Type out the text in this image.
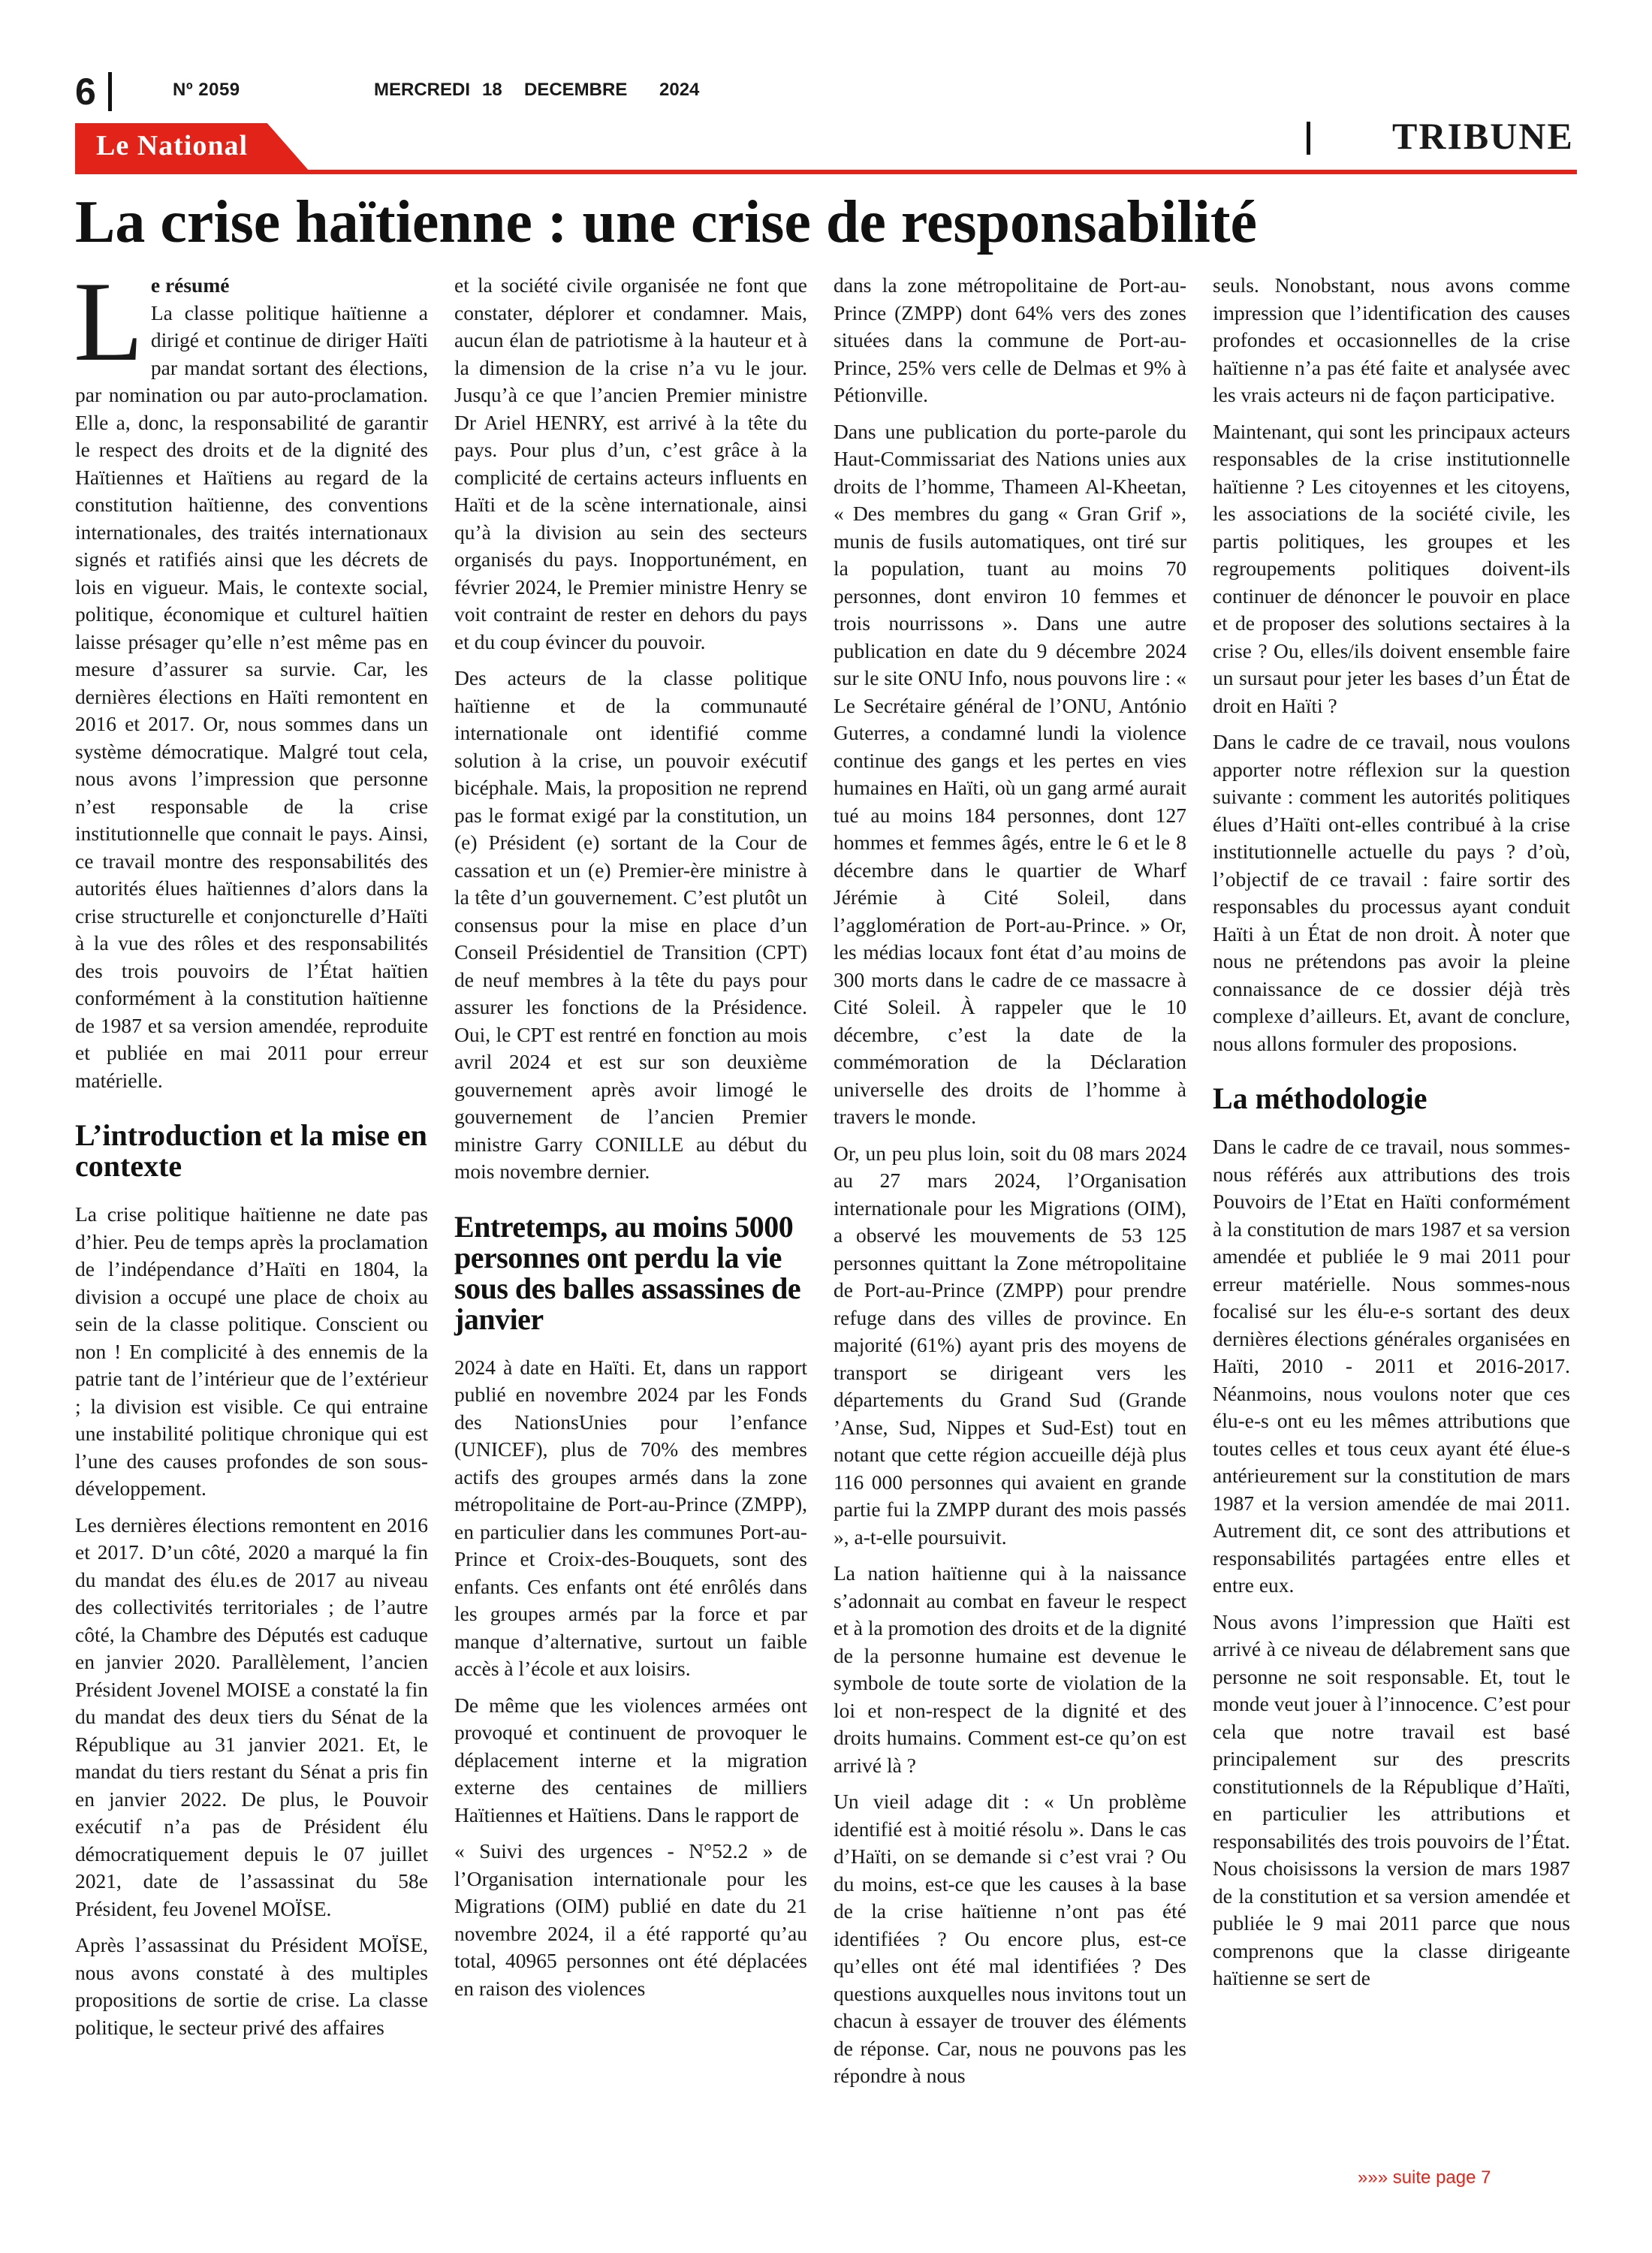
6	Nº 2059	MERCREDI 18 DECEMBRE 2024
Le National	TRIBUNE
La crise haïtienne : une crise de responsabilité
L e résumé

La classe politique haïtienne a dirigé et continue de diriger Haïti par mandat sortant des élections, par nomination ou par auto-proclamation. Elle a, donc, la responsabilité de garantir le respect des droits et de la dignité des Haïtiennes et Haïtiens au regard de la constitution haïtienne, des conventions internationales, des traités internationaux signés et ratifiés ainsi que les décrets de lois en vigueur. Mais, le contexte social, politique, économique et culturel haïtien laisse présager qu’elle n’est même pas en mesure d’assurer sa survie. Car, les dernières élections en Haïti remontent en 2016 et 2017. Or, nous sommes dans un système démocratique. Malgré tout cela, nous avons l’impression que personne n’est responsable de la crise institutionnelle que connait le pays. Ainsi, ce travail montre des responsabilités des autorités élues haïtiennes d’alors dans la crise structurelle et conjoncturelle d’Haïti à la vue des rôles et des responsabilités des trois pouvoirs de l’État haïtien conformément à la constitution haïtienne de 1987 et sa version amendée, reproduite et publiée en mai 2011 pour erreur matérielle.

L’introduction et la mise en contexte

La crise politique haïtienne ne date pas d’hier. Peu de temps après la proclamation de l’indépendance d’Haïti en 1804, la division a occupé une place de choix au sein de la classe politique. Conscient ou non ! En complicité à des ennemis de la patrie tant de l’intérieur que de l’extérieur ; la division est visible. Ce qui entraine une instabilité politique chronique qui est l’une des causes profondes de son sous-développement.

Les dernières élections remontent en 2016 et 2017. D’un côté, 2020 a marqué la fin du mandat des élu.es de 2017 au niveau des collectivités territoriales ; de l’autre côté, la Chambre des Députés est caduque en janvier 2020. Parallèlement, l’ancien Président Jovenel MOISE a constaté la fin du mandat des deux tiers du Sénat de la République au 31 janvier 2021. Et, le mandat du tiers restant du Sénat a pris fin en janvier 2022. De plus, le Pouvoir exécutif n’a pas de Président élu démocratiquement depuis le 07 juillet 2021, date de l’assassinat du 58e Président, feu Jovenel MOÏSE.

Après l’assassinat du Président MOÏSE, nous avons constaté à des multiples propositions de sortie de crise. La classe politique, le secteur privé des affaires

et la société civile organisée ne font que constater, déplorer et condamner. Mais, aucun élan de patriotisme à la hauteur et à la dimension de la crise n’a vu le jour. Jusqu’à ce que l’ancien Premier ministre Dr Ariel HENRY, est arrivé à la tête du pays. Pour plus d’un, c’est grâce à la complicité de certains acteurs influents en Haïti et de la scène internationale, ainsi qu’à la division au sein des secteurs organisés du pays. Inopportunément, en février 2024, le Premier ministre Henry se voit contraint de rester en dehors du pays et du coup évincer du pouvoir.

Des acteurs de la classe politique haïtienne et de la communauté internationale ont identifié comme solution à la crise, un pouvoir exécutif bicéphale. Mais, la proposition ne reprend pas le format exigé par la constitution, un (e) Président (e) sortant de la Cour de cassation et un (e) Premier-ère ministre à la tête d’un gouvernement. C’est plutôt un consensus pour la mise en place d’un Conseil Présidentiel de Transition (CPT) de neuf membres à la tête du pays pour assurer les fonctions de la Présidence. Oui, le CPT est rentré en fonction au mois avril 2024 et est sur son deuxième gouvernement après avoir limogé le gouvernement de l’ancien Premier ministre Garry CONILLE au début du mois novembre dernier.

Entretemps, au moins 5000 personnes ont perdu la vie sous des balles assassines de janvier

2024 à date en Haïti. Et, dans un rapport publié en novembre 2024 par les Fonds des NationsUnies pour l’enfance (UNICEF), plus de 70% des membres actifs des groupes armés dans la zone métropolitaine de Port-au-Prince (ZMPP), en particulier dans les communes Port-au-Prince et Croix-des-Bouquets, sont des enfants. Ces enfants ont été enrôlés dans les groupes armés par la force et par manque d’alternative, surtout un faible accès à l’école et aux loisirs.

De même que les violences armées ont provoqué et continuent de provoquer le déplacement interne et la migration externe des centaines de milliers Haïtiennes et Haïtiens. Dans le rapport de

« Suivi des urgences - N°52.2 » de l’Organisation internationale pour les Migrations (OIM) publié en date du 21 novembre 2024, il a été rapporté qu’au total, 40965 personnes ont été déplacées en raison des violences

dans la zone métropolitaine de Port-au-Prince (ZMPP) dont 64% vers des zones situées dans la commune de Port-au-Prince, 25% vers celle de Delmas et 9% à Pétionville.

Dans une publication du porte-parole du Haut-Commissariat des Nations unies aux droits de l’homme, Thameen Al-Kheetan, « Des membres du gang « Gran Grif », munis de fusils automatiques, ont tiré sur la population, tuant au moins 70 personnes, dont environ 10 femmes et trois nourrissons ». Dans une autre publication en date du 9 décembre 2024 sur le site ONU Info, nous pouvons lire : « Le Secrétaire général de l’ONU, António Guterres, a condamné lundi la violence continue des gangs et les pertes en vies humaines en Haïti, où un gang armé aurait tué au moins 184 personnes, dont 127 hommes et femmes âgés, entre le 6 et le 8 décembre dans le quartier de Wharf Jérémie à Cité Soleil, dans l’agglomération de Port-au-Prince. » Or, les médias locaux font état d’au moins de 300 morts dans le cadre de ce massacre à Cité Soleil. À rappeler que le 10 décembre, c’est la date de la commémoration de la Déclaration universelle des droits de l’homme à travers le monde.

Or, un peu plus loin, soit du 08 mars 2024 au 27 mars 2024, l’Organisation internationale pour les Migrations (OIM), a observé les mouvements de 53 125 personnes quittant la Zone métropolitaine de Port-au-Prince (ZMPP) pour prendre refuge dans des villes de province. En majorité (61%) ayant pris des moyens de transport se dirigeant vers les départements du Grand Sud (Grande ’Anse, Sud, Nippes et Sud-Est) tout en notant que cette région accueille déjà plus 116 000 personnes qui avaient en grande partie fui la ZMPP durant des mois passés », a-t-elle poursuivit.

La nation haïtienne qui à la naissance s’adonnait au combat en faveur le respect et à la promotion des droits et de la dignité de la personne humaine est devenue le symbole de toute sorte de violation de la loi et non-respect de la dignité et des droits humains. Comment est-ce qu’on est arrivé là ?

Un vieil adage dit : « Un problème identifié est à moitié résolu ». Dans le cas d’Haïti, on se demande si c’est vrai ? Ou du moins, est-ce que les causes à la base de la crise haïtienne n’ont pas été identifiées ? Ou encore plus, est-ce qu’elles ont été mal identifiées ? Des questions auxquelles nous invitons tout un chacun à essayer de trouver des éléments de réponse. Car, nous ne pouvons pas les répondre à nous

seuls. Nonobstant, nous avons comme impression que l’identification des causes profondes et occasionnelles de la crise haïtienne n’a pas été faite et analysée avec les vrais acteurs ni de façon participative.

Maintenant, qui sont les principaux acteurs responsables de la crise institutionnelle haïtienne ? Les citoyennes et les citoyens, les associations de la société civile, les partis politiques, les groupes et les regroupements politiques doivent-ils continuer de dénoncer le pouvoir en place et de proposer des solutions sectaires à la crise ? Ou, elles/ils doivent ensemble faire un sursaut pour jeter les bases d’un État de droit en Haïti ?

Dans le cadre de ce travail, nous voulons apporter notre réflexion sur la question suivante : comment les autorités politiques élues d’Haïti ont-elles contribué à la crise institutionnelle actuelle du pays ? d’où, l’objectif de ce travail : faire sortir des responsables du processus ayant conduit Haïti à un État de non droit. À noter que nous ne prétendons pas avoir la pleine connaissance de ce dossier déjà très complexe d’ailleurs. Et, avant de conclure, nous allons formuler des proposions.

La méthodologie

Dans le cadre de ce travail, nous sommes-nous référés aux attributions des trois Pouvoirs de l’Etat en Haïti conformément à la constitution de mars 1987 et sa version amendée et publiée le 9 mai 2011 pour erreur matérielle. Nous sommes-nous focalisé sur les élu-e-s sortant des deux dernières élections générales organisées en Haïti, 2010 - 2011 et 2016-2017. Néanmoins, nous voulons noter que ces élu-e-s ont eu les mêmes attributions que toutes celles et tous ceux ayant été élue-s antérieurement sur la constitution de mars 1987 et la version amendée de mai 2011. Autrement dit, ce sont des attributions et responsabilités partagées entre elles et entre eux.

Nous avons l’impression que Haïti est arrivé à ce niveau de délabrement sans que personne ne soit responsable. Et, tout le monde veut jouer à l’innocence. C’est pour cela que notre travail est basé principalement sur des prescrits constitutionnels de la République d’Haïti, en particulier les attributions et responsabilités des trois pouvoirs de l’État. Nous choisissons la version de mars 1987 de la constitution et sa version amendée et publiée le 9 mai 2011 parce que nous comprenons que la classe dirigeante haïtienne se sert de

»»» suite page 7
